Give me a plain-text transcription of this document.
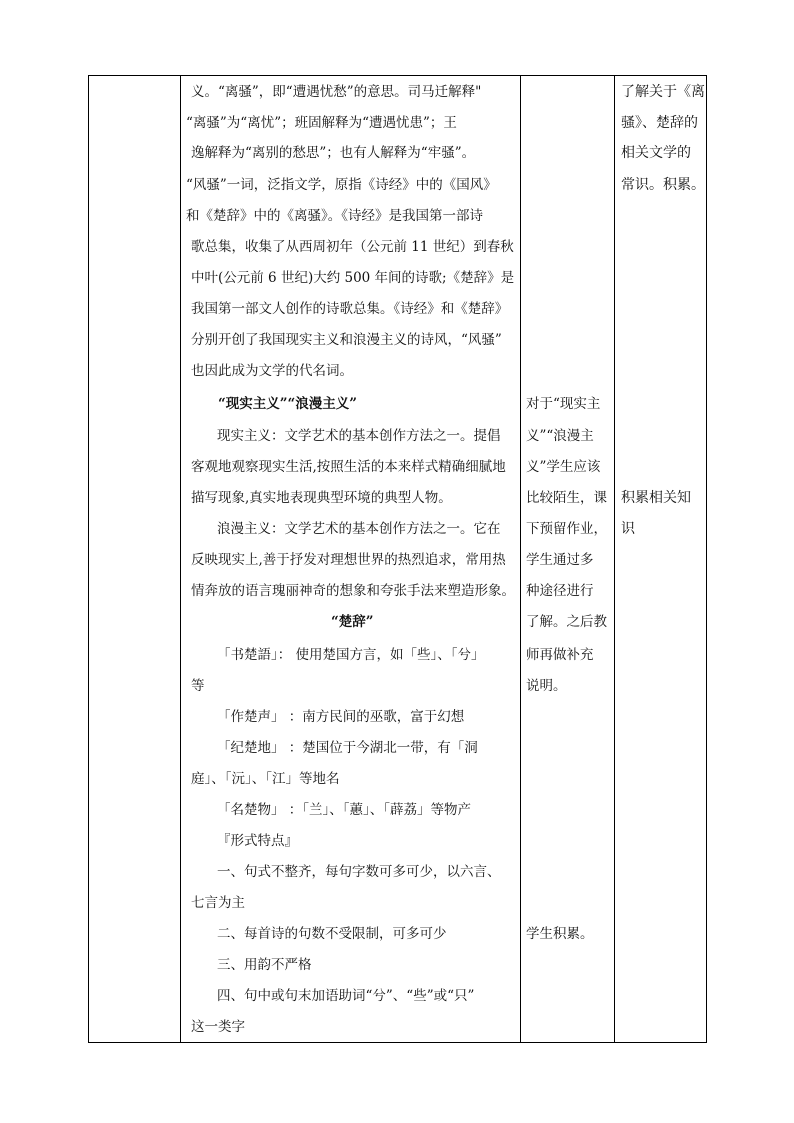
义。“离骚”，即“遭遇忧愁”的意思。司马迁解释"
“离骚”为“离忧”；班固解释为“遭遇忧患”；王
逸解释为“离别的愁思”；也有人解释为“牢骚”。
“风骚”一词，泛指文学，原指《诗经》中的《国风》
和《楚辞》中的《离骚》。《诗经》是我国第一部诗
歌总集，收集了从西周初年（公元前 11 世纪）到春秋
中叶(公元前 6 世纪)大约 500 年间的诗歌;《楚辞》是
我国第一部文人创作的诗歌总集。《诗经》和《楚辞》
分别开创了我国现实主义和浪漫主义的诗风，“风骚”
也因此成为文学的代名词。
“现实主义”“浪漫主义”
现实主义：文学艺术的基本创作方法之一。提倡
客观地观察现实生活,按照生活的本来样式精确细腻地
描写现象,真实地表现典型环境的典型人物。
浪漫主义：文学艺术的基本创作方法之一。它在
反映现实上,善于抒发对理想世界的热烈追求，常用热
情奔放的语言瑰丽神奇的想象和夸张手法来塑造形象。
“楚辞”
「书楚語」： 使用楚国方言，如「些」、「兮」
等
「作楚声」 ：南方民间的巫歌，富于幻想
「纪楚地」 ：楚国位于今湖北一带，有「洞
庭」、「沅」、「江」等地名
「名楚物」 ：「兰」、「蕙」、「薜荔」等物产
『形式特点』
一、句式不整齐，每句字数可多可少，以六言、
七言为主
二、每首诗的句数不受限制，可多可少
三、用韵不严格
四、句中或句末加语助词“兮”、“些”或“只”
这一类字
对于“现实主
义”“浪漫主
义”学生应该
比较陌生，课
下预留作业，
学生通过多
种途径进行
了解。之后教
师再做补充
说明。
学生积累。
了解关于《离
骚》、楚辞的
相关文学的
常识。积累。
积累相关知
识
